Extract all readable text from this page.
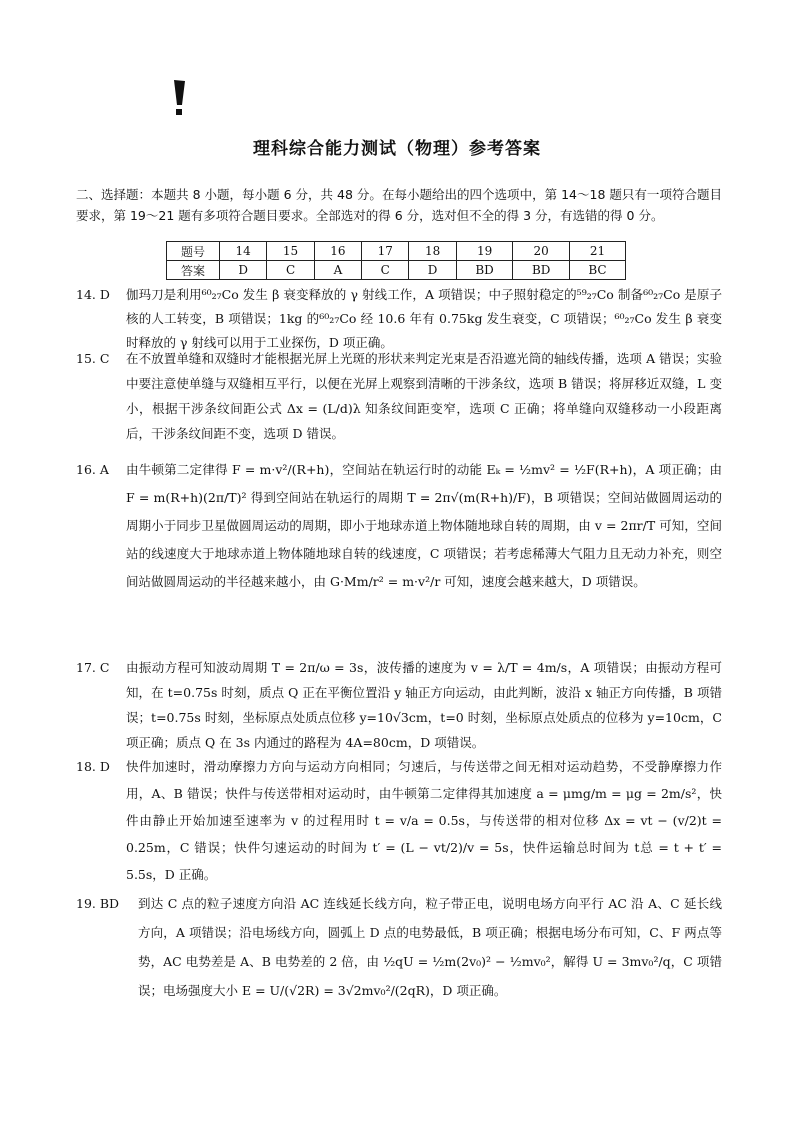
理科综合能力测试（物理）参考答案
二、选择题：本题共 8 小题，每小题 6 分，共 48 分。在每小题给出的四个选项中，第 14～18 题只有一项符合题目要求，第 19～21 题有多项符合题目要求。全部选对的得 6 分，选对但不全的得 3 分，有选错的得 0 分。
题号	14	15	16	17	18	19	20	21
答案	D	C	A	C	D	BD	BD	BC
14. D	伽玛刀是利用⁶⁰₂₇Co 发生 β 衰变释放的 γ 射线工作，A 项错误；中子照射稳定的⁵⁹₂₇Co 制备⁶⁰₂₇Co 是原子核的人工转变，B 项错误；1kg 的⁶⁰₂₇Co 经 10.6 年有 0.75kg 发生衰变，C 项错误；⁶⁰₂₇Co 发生 β 衰变时释放的 γ 射线可以用于工业探伤，D 项正确。
15. C	在不放置单缝和双缝时才能根据光屏上光斑的形状来判定光束是否沿遮光筒的轴线传播，选项 A 错误；实验中要注意使单缝与双缝相互平行，以便在光屏上观察到清晰的干涉条纹，选项 B 错误；将屏移近双缝，L 变小，根据干涉条纹间距公式 Δx = (L/d)λ 知条纹间距变窄，选项 C 正确；将单缝向双缝移动一小段距离后，干涉条纹间距不变，选项 D 错误。
16. A	由牛顿第二定律得 F = m·v²/(R+h)，空间站在轨运行时的动能 Eₖ = ½mv² = ½F(R+h)，A 项正确；由 F = m(R+h)(2π/T)² 得到空间站在轨运行的周期 T = 2π√(m(R+h)/F)，B 项错误；空间站做圆周运动的周期小于同步卫星做圆周运动的周期，即小于地球赤道上物体随地球自转的周期，由 v = 2πr/T 可知，空间站的线速度大于地球赤道上物体随地球自转的线速度，C 项错误；若考虑稀薄大气阻力且无动力补充，则空间站做圆周运动的半径越来越小，由 G·Mm/r² = m·v²/r 可知，速度会越来越大，D 项错误。
17. C	由振动方程可知波动周期 T = 2π/ω = 3s，波传播的速度为 v = λ/T = 4m/s，A 项错误；由振动方程可知，在 t=0.75s 时刻，质点 Q 正在平衡位置沿 y 轴正方向运动，由此判断，波沿 x 轴正方向传播，B 项错误；t=0.75s 时刻，坐标原点处质点位移 y=10√3cm，t=0 时刻，坐标原点处质点的位移为 y=10cm，C 项正确；质点 Q 在 3s 内通过的路程为 4A=80cm，D 项错误。
18. D	快件加速时，滑动摩擦力方向与运动方向相同；匀速后，与传送带之间无相对运动趋势，不受静摩擦力作用，A、B 错误；快件与传送带相对运动时，由牛顿第二定律得其加速度 a = μmg/m = μg = 2m/s²，快件由静止开始加速至速率为 v 的过程用时 t = v/a = 0.5s，与传送带的相对位移 Δx = vt − (v/2)t = 0.25m，C 错误；快件匀速运动的时间为 t′ = (L − vt/2)/v = 5s，快件运输总时间为 t总 = t + t′ = 5.5s，D 正确。
19. BD	到达 C 点的粒子速度方向沿 AC 连线延长线方向，粒子带正电，说明电场方向平行 AC 沿 A、C 延长线方向，A 项错误；沿电场线方向，圆弧上 D 点的电势最低，B 项正确；根据电场分布可知，C、F 两点等势，AC 电势差是 A、B 电势差的 2 倍，由 ½qU = ½m(2v₀)² − ½mv₀²，解得 U = 3mv₀²/q，C 项错误；电场强度大小 E = U/(√2R) = 3√2mv₀²/(2qR)，D 项正确。
